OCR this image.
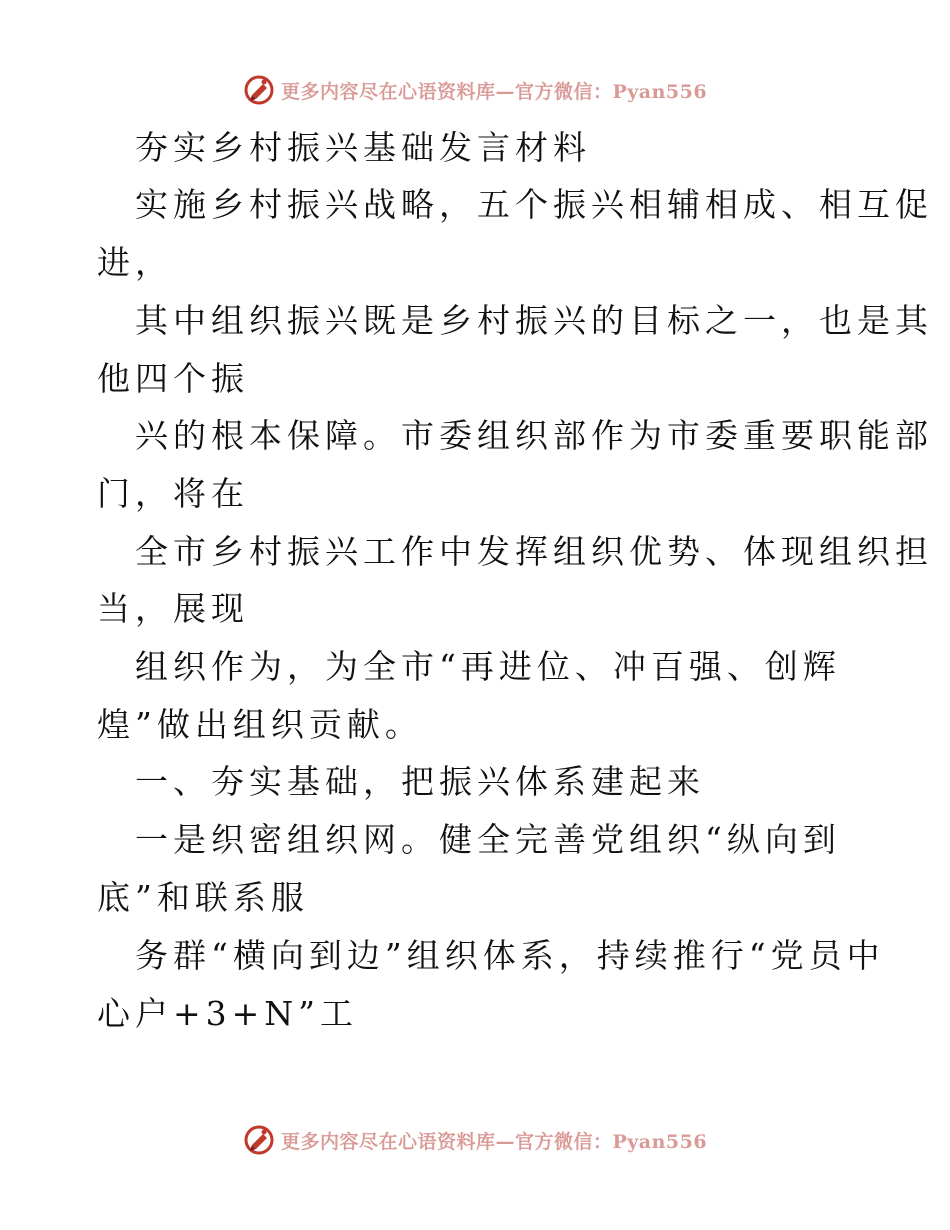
更多内容尽在心语资料库—官方微信：Pyan556
夯实乡村振兴基础发言材料
实施乡村振兴战略，五个振兴相辅相成、相互促
进，
其中组织振兴既是乡村振兴的目标之一，也是其
他四个振
兴的根本保障。市委组织部作为市委重要职能部
门，将在
全市乡村振兴工作中发挥组织优势、体现组织担
当，展现
组织作为，为全市“再进位、冲百强、创辉
煌”做出组织贡献。
一、夯实基础，把振兴体系建起来
一是织密组织网。健全完善党组织“纵向到
底”和联系服
务群“横向到边”组织体系，持续推行“党员中
心户+3+N”工
更多内容尽在心语资料库—官方微信：Pyan556
